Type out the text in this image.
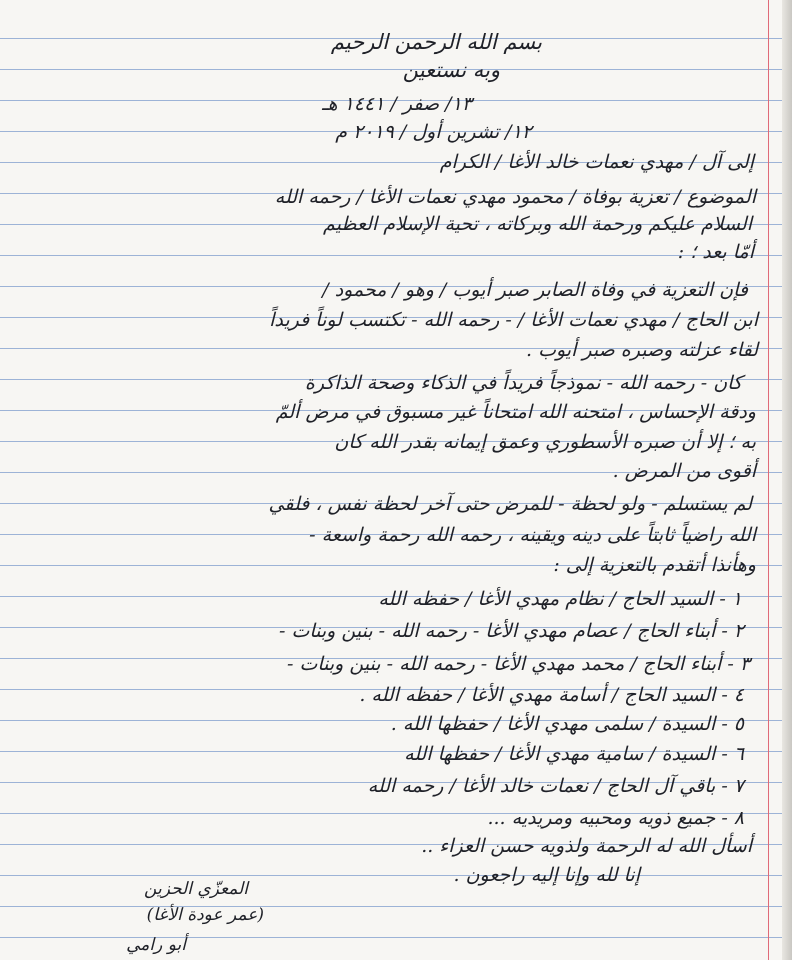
بسم الله الرحمن الرحيم
وبه نستعين
١٣/ صفر / ١٤٤١ هـ
١٢/ تشرين أول / ٢٠١٩ م
إلى آل / مهدي نعمات خالد الأغا / الكرام
الموضوع / تعزية بوفاة / محمود مهدي نعمات الأغا / رحمه الله
السلام عليكم ورحمة الله وبركاته ، تحية الإسلام العظيم
أمّا بعد ؛ :
فإن التعزية في وفاة الصابر صبر أيوب / وهو / محمود /
ابن الحاج / مهدي نعمات الأغا / - رحمه الله - تكتسب لوناً فريداً
لقاء عزلته وصبره صبر أيوب .
كان - رحمه الله - نموذجاً فريداً في الذكاء وصحة الذاكرة
ودقة الإحساس ، امتحنه الله امتحاناً غير مسبوق في مرض ألمّ
به ؛ إلا أن صبره الأسطوري وعمق إيمانه بقدر الله كان
أقوى من المرض .
لم يستسلم - ولو لحظة - للمرض حتى آخر لحظة نفس ، فلقي
الله راضياً ثابتاً على دينه ويقينه ، رحمه الله رحمة واسعة -
وهأنذا أتقدم بالتعزية إلى :
١ - السيد الحاج / نظام مهدي الأغا / حفظه الله
٢ - أبناء الحاج / عصام مهدي الأغا - رحمه الله - بنين وبنات -
٣ - أبناء الحاج / محمد مهدي الأغا - رحمه الله - بنين وبنات -
٤ - السيد الحاج / أسامة مهدي الأغا / حفظه الله .
٥ - السيدة / سلمى مهدي الأغا / حفظها الله .
٦ - السيدة / سامية مهدي الأغا / حفظها الله
٧ - باقي آل الحاج / نعمات خالد الأغا / رحمه الله
٨ - جميع ذويه ومحبيه ومريديه ...
أسأل الله له الرحمة ولذويه حسن العزاء ..
إنا لله وإنا إليه راجعون .
المعزّي الحزين
(عمر عودة الأغا)
أبو رامي
